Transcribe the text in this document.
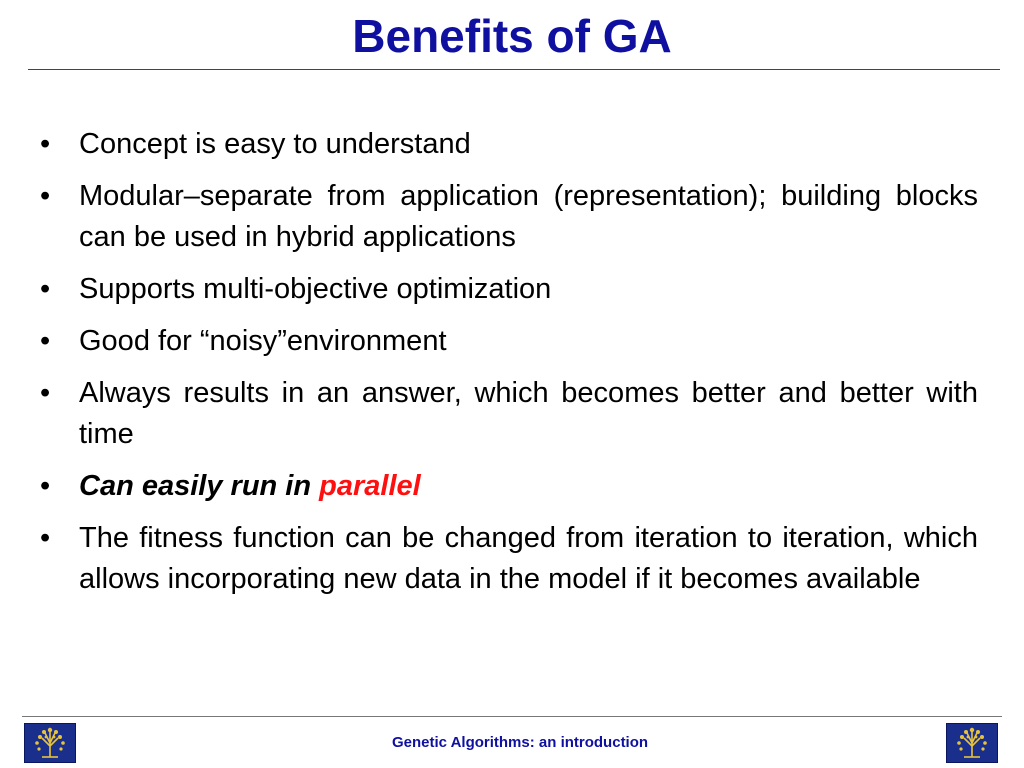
Benefits of GA
• Concept is easy to understand
• Modular–separate from application (representation); building blocks can be used in hybrid applications
• Supports multi-objective optimization
• Good for “noisy”environment
• Always results in an answer, which becomes better and better with time
• Can easily run in parallel
• The fitness function can be changed from iteration to iteration, which allows incorporating new data in the model if it becomes available
Genetic Algorithms: an introduction
